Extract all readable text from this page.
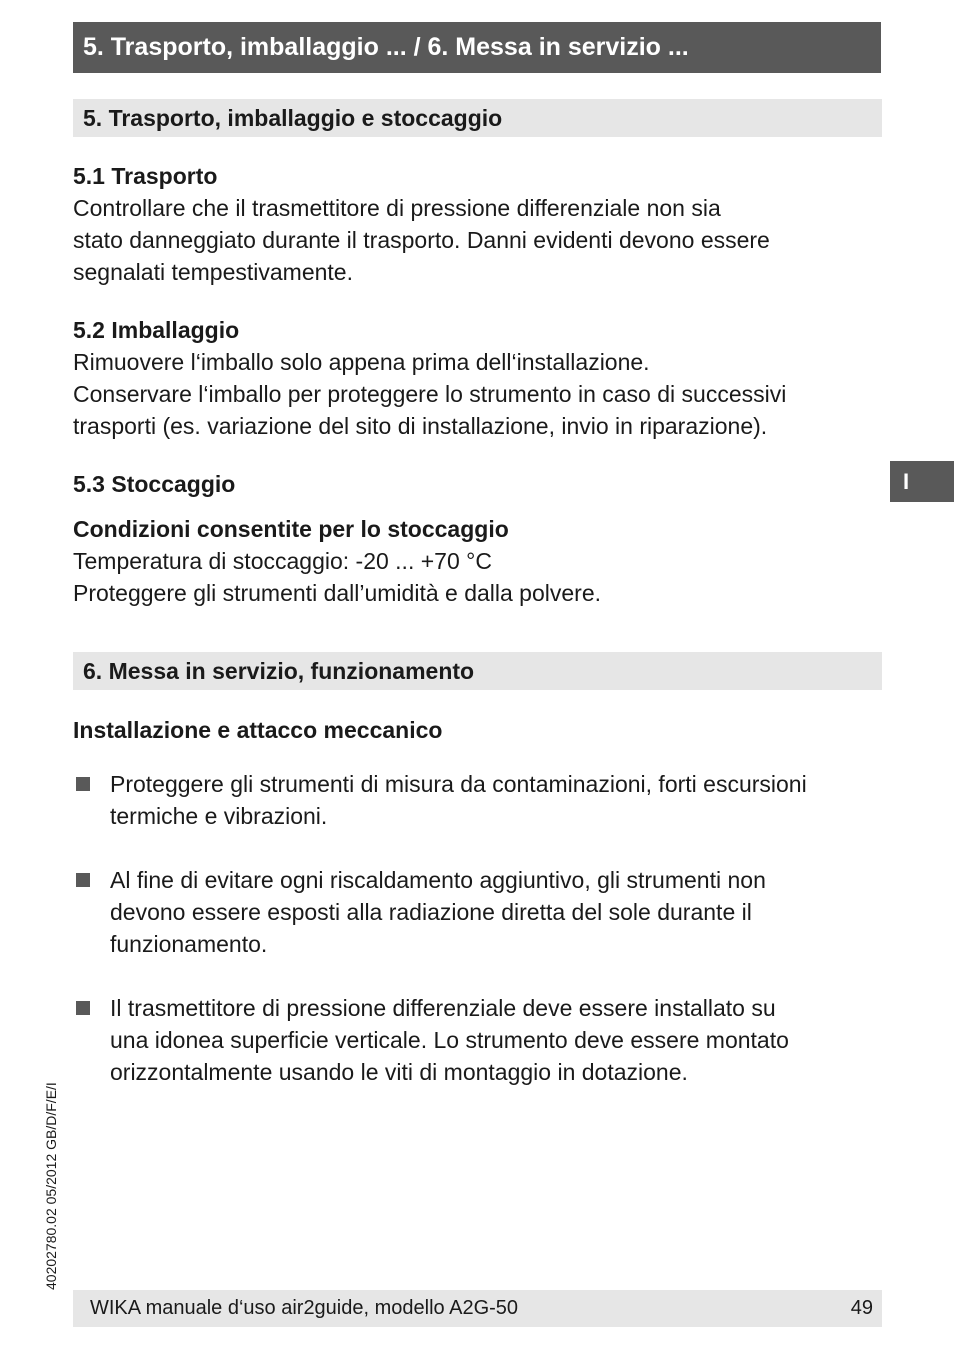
5. Trasporto, imballaggio ... / 6. Messa in servizio ...
5. Trasporto, imballaggio e stoccaggio
5.1 Trasporto

Controllare che il trasmettitore di pressione differenziale non sia

stato danneggiato durante il trasporto. Danni evidenti devono essere

segnalati tempestivamente.

5.2 Imballaggio

Rimuovere l‘imballo solo appena prima dell‘installazione.

Conservare l‘imballo per proteggere lo strumento in caso di successivi

trasporti (es. variazione del sito di installazione, invio in riparazione).

5.3 Stoccaggio
Condizioni consentite per lo stoccaggio

Temperatura di stoccaggio: -20 ... +70 °C

Proteggere gli strumenti dall’umidità e dalla polvere.

6. Messa in servizio, funzionamento
Installazione e attacco meccanico

Proteggere gli strumenti di misura da contaminazioni, forti escursioni

termiche e vibrazioni.

Al fine di evitare ogni riscaldamento aggiuntivo, gli strumenti non

devono essere esposti alla radiazione diretta del sole durante il

funzionamento.

Il trasmettitore di pressione differenziale deve essere installato su

una idonea superficie verticale. Lo strumento deve essere montato

orizzontalmente usando le viti di montaggio in dotazione.

I
40202780.02 05/2012 GB/D/F/E/I
WIKA manuale d‘uso air2guide, modello A2G-50	49
